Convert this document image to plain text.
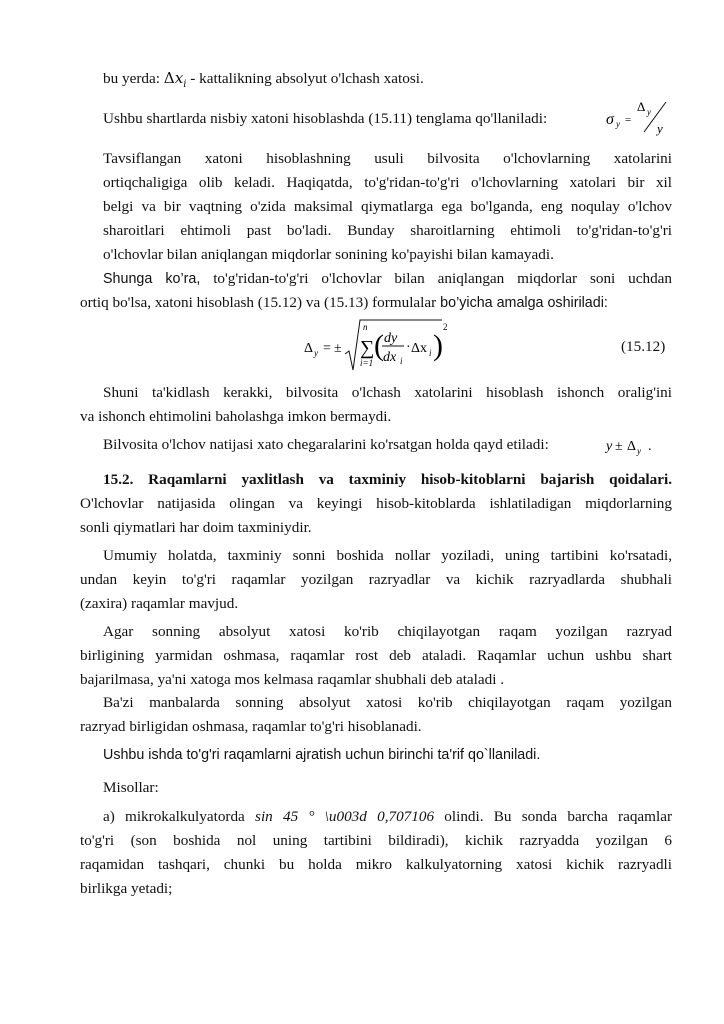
bu yerda: $\Delta x_i$ - kattalikning absolyut o'lchash xatosi.

Ushbu shartlarda nisbiy xatoni hisoblashda (15.11) tenglama qo'llaniladi:	σ y =
Δ y
y
Tavsiflangan xatoni hisoblashning usuli bilvosita o'lchovlarning xatolarini
ortiqchaligiga olib keladi. Haqiqatda, to'g'ridan-to'g'ri o'lchovlarning xatolari bir xil
belgi va bir vaqtning o'zida maksimal qiymatlarga ega bo'lganda, eng noqulay o'lchov
sharoitlari ehtimoli past bo'ladi. Bunday sharoitlarning ehtimoli to'g'ridan-to'g'ri
o'lchovlar bilan aniqlangan miqdorlar sonining ko'payishi bilan kamayadi.
Shunga ko’ra, to'g'ridan-to'g'ri o'lchovlar bilan aniqlangan miqdorlar soni uchdan
ortiq bo'lsa, xatoni hisoblash (15.12) va (15.13) formulalar bo’yicha amalga oshiriladi:
Δ y = ±
n
∑
i=1
( dy
dx i
· Δx i )
2
(15.12)
Shuni ta'kidlash kerakki, bilvosita o'lchash xatolarini hisoblash ishonch oralig'ini
va ishonch ehtimolini baholashga imkon bermaydi.

Bilvosita o'lchov natijasi xato chegaralarini ko'rsatgan holda qayd etiladi:	y ± Δ y .
15.2. Raqamlarni yaxlitlash va taxminiy hisob-kitoblarni bajarish qoidalari.
O'lchovlar natijasida olingan va keyingi hisob-kitoblarda ishlatiladigan miqdorlarning
sonli qiymatlari har doim taxminiydir.
Umumiy holatda, taxminiy sonni boshida nollar yoziladi, uning tartibini ko'rsatadi,
undan keyin to'g'ri raqamlar yozilgan razryadlar va kichik razryadlarda shubhali
(zaxira) raqamlar mavjud.
Agar sonning absolyut xatosi ko'rib chiqilayotgan raqam yozilgan razryad
birligining yarmidan oshmasa, raqamlar rost deb ataladi. Raqamlar uchun ushbu shart
bajarilmasa, ya'ni xatoga mos kelmasa raqamlar shubhali deb ataladi .
Ba'zi manbalarda sonning absolyut xatosi ko'rib chiqilayotgan raqam yozilgan
razryad birligidan oshmasa, raqamlar to'g'ri hisoblanadi.

Ushbu ishda to'g'ri raqamlarni ajratish uchun birinchi ta'rif qo`llaniladi.

Misollar:

a) mikrokalkulyatorda sin 45 ° \u003d 0,707106 olindi. Bu sonda barcha raqamlar
to'g'ri (son boshida nol uning tartibini bildiradi), kichik razryadda yozilgan 6
raqamidan tashqari, chunki bu holda mikro kalkulyatorning xatosi kichik razryadli
birlikga yetadi;
